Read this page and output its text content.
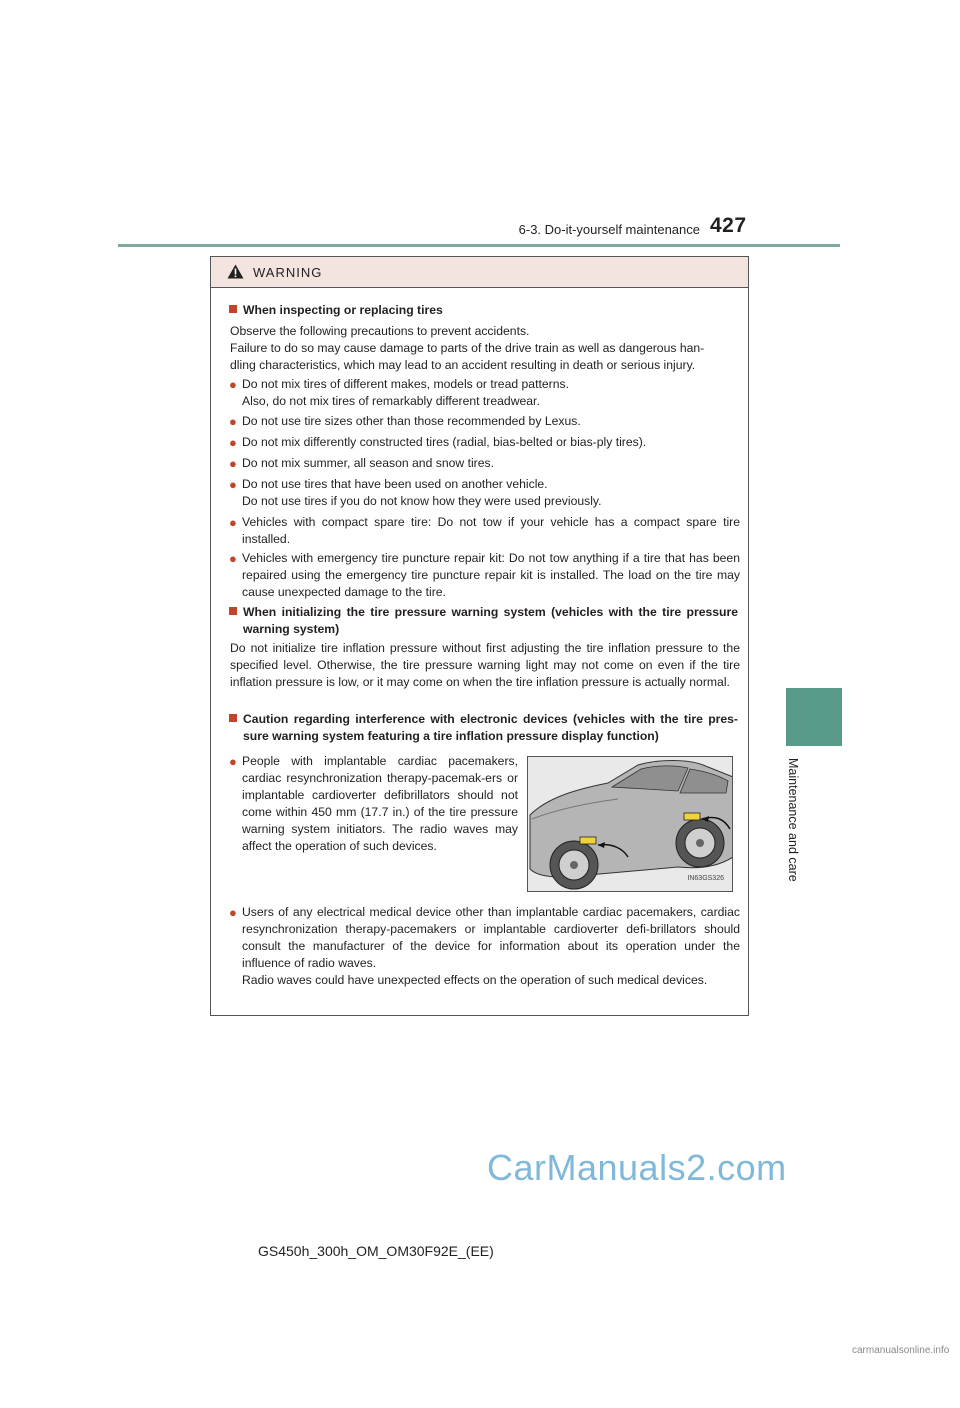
6-3. Do-it-yourself maintenance 427
6
Maintenance and care
WARNING
When inspecting or replacing tires
Observe the following precautions to prevent accidents.
Failure to do so may cause damage to parts of the drive train as well as dangerous han-
dling characteristics, which may lead to an accident resulting in death or serious injury.
● Do not mix tires of different makes, models or tread patterns.
Also, do not mix tires of remarkably different treadwear.
● Do not use tire sizes other than those recommended by Lexus.
● Do not mix differently constructed tires (radial, bias-belted or bias-ply tires).
● Do not mix summer, all season and snow tires.
● Do not use tires that have been used on another vehicle.
Do not use tires if you do not know how they were used previously.
● Vehicles with compact spare tire: Do not tow if your vehicle has a compact spare tire installed.
● Vehicles with emergency tire puncture repair kit: Do not tow anything if a tire that has been repaired using the emergency tire puncture repair kit is installed. The load on the tire may cause unexpected damage to the tire.
When initializing the tire pressure warning system (vehicles with the tire pressure warning system)
Do not initialize tire inflation pressure without first adjusting the tire inflation pressure to the specified level. Otherwise, the tire pressure warning light may not come on even if the tire inflation pressure is low, or it may come on when the tire inflation pressure is actually normal.
Caution regarding interference with electronic devices (vehicles with the tire pres-sure warning system featuring a tire inflation pressure display function)
● People with implantable cardiac pacemakers, cardiac resynchronization therapy-pacemak-ers or implantable cardioverter defibrillators should not come within 450 mm (17.7 in.) of the tire pressure warning system initiators. The radio waves may affect the operation of such devices.
IN63GS326
● Users of any electrical medical device other than implantable cardiac pacemakers, cardiac resynchronization therapy-pacemakers or implantable cardioverter defi-brillators should consult the manufacturer of the device for information about its operation under the influence of radio waves.
Radio waves could have unexpected effects on the operation of such medical devices.
GS450h_300h_OM_OM30F92E_(EE)
CarManuals2.com
carmanualsonline.info
